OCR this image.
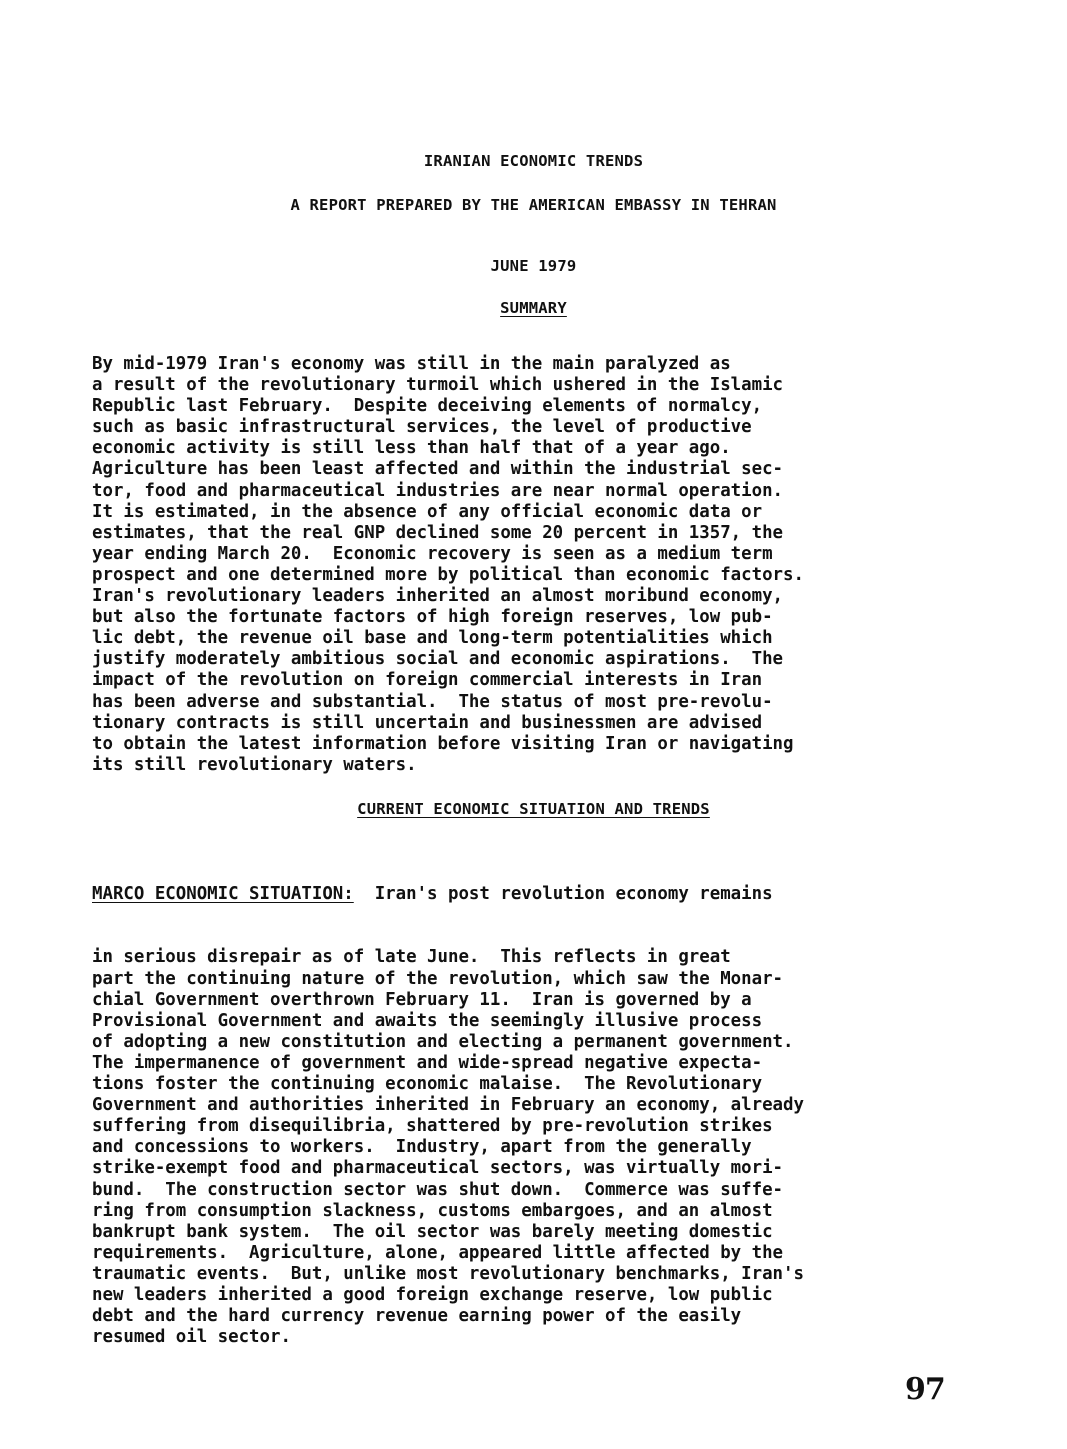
IRANIAN ECONOMIC TRENDS
A REPORT PREPARED BY THE AMERICAN EMBASSY IN TEHRAN
JUNE 1979
SUMMARY
By mid-1979 Iran's economy was still in the main paralyzed as
a result of the revolutionary turmoil which ushered in the Islamic
Republic last February.  Despite deceiving elements of normalcy,
such as basic infrastructural services, the level of productive
economic activity is still less than half that of a year ago.
Agriculture has been least affected and within the industrial sec-
tor, food and pharmaceutical industries are near normal operation.
It is estimated, in the absence of any official economic data or
estimates, that the real GNP declined some 20 percent in 1357, the
year ending March 20.  Economic recovery is seen as a medium term
prospect and one determined more by political than economic factors.
Iran's revolutionary leaders inherited an almost moribund economy,
but also the fortunate factors of high foreign reserves, low pub-
lic debt, the revenue oil base and long-term potentialities which
justify moderately ambitious social and economic aspirations.  The
impact of the revolution on foreign commercial interests in Iran
has been adverse and substantial.  The status of most pre-revolu-
tionary contracts is still uncertain and businessmen are advised
to obtain the latest information before visiting Iran or navigating
its still revolutionary waters.
CURRENT ECONOMIC SITUATION AND TRENDS

MARCO ECONOMIC SITUATION:  Iran's post revolution economy remains

in serious disrepair as of late June.  This reflects in great
part the continuing nature of the revolution, which saw the Monar-
chial Government overthrown February 11.  Iran is governed by a
Provisional Government and awaits the seemingly illusive process
of adopting a new constitution and electing a permanent government.
The impermanence of government and wide-spread negative expecta-
tions foster the continuing economic malaise.  The Revolutionary
Government and authorities inherited in February an economy, already
suffering from disequilibria, shattered by pre-revolution strikes
and concessions to workers.  Industry, apart from the generally
strike-exempt food and pharmaceutical sectors, was virtually mori-
bund.  The construction sector was shut down.  Commerce was suffe-
ring from consumption slackness, customs embargoes, and an almost
bankrupt bank system.  The oil sector was barely meeting domestic
requirements.  Agriculture, alone, appeared little affected by the
traumatic events.  But, unlike most revolutionary benchmarks, Iran's
new leaders inherited a good foreign exchange reserve, low public
debt and the hard currency revenue earning power of the easily
resumed oil sector.
97
